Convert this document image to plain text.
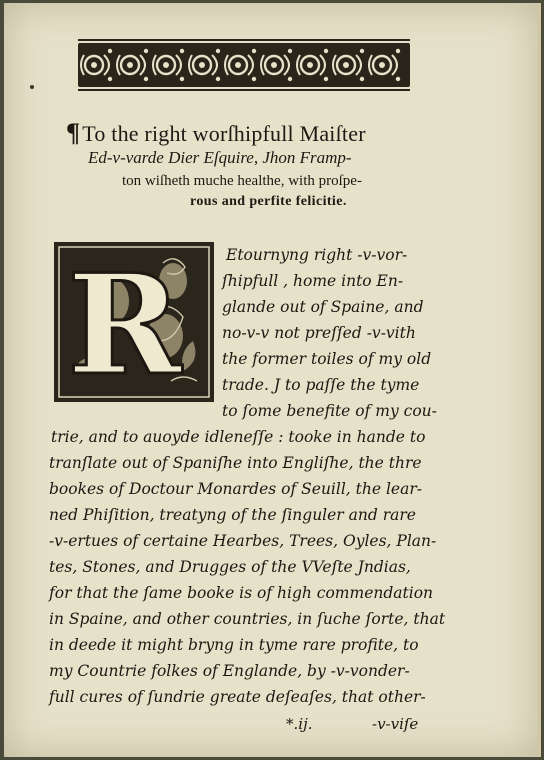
¶To the right worſhipfull Maiſter
Ed-v-varde Dier Eſquire, Jhon Framp-
ton wiſheth muche healthe, with proſpe-
rous and perfite felicitie.
R	Etournyng right -v-vor-
ſhipfull , home into En-
glande out of Spaine, and
no-v-v not preſſed -v-vith
the former toiles of my old
trade. J to paſſe the tyme
to ſome benefite of my cou-
trie, and to auoyde idleneſſe : tooke in hande to
tranſlate out of Spaniſhe into Engliſhe, the thre
bookes of Doctour Monardes of Seuill, the lear-
ned Phiſition, treatyng of the ſinguler and rare
-v-ertues of certaine Hearbes, Trees, Oyles, Plan-
tes, Stones, and Drugges of the VVeſte Jndias,
for that the ſame booke is of high commendation
in Spaine, and other countries, in ſuche ſorte, that
in deede it might bryng in tyme rare profite, to
my Countrie folkes of Englande, by -v-vonder-
full cures of ſundrie greate deſeaſes, that other-
*.ij.	-v-viſe
